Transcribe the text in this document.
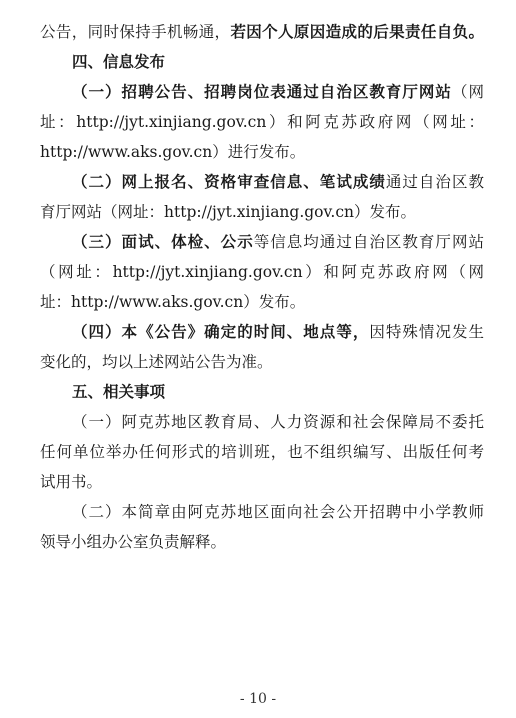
公告，同时保持手机畅通，若因个人原因造成的后果责任自负。
四、信息发布
（一）招聘公告、招聘岗位表通过自治区教育厅网站（网
址：http://jyt.xinjiang.gov.cn）和阿克苏政府网（网址：
http://www.aks.gov.cn）进行发布。
（二）网上报名、资格审查信息、笔试成绩通过自治区教
育厅网站（网址：http://jyt.xinjiang.gov.cn）发布。
（三）面试、体检、公示等信息均通过自治区教育厅网站
（网址：http://jyt.xinjiang.gov.cn）和阿克苏政府网（网
址：http://www.aks.gov.cn）发布。
（四）本《公告》确定的时间、地点等，因特殊情况发生
变化的，均以上述网站公告为准。
五、相关事项
（一）阿克苏地区教育局、人力资源和社会保障局不委托
任何单位举办任何形式的培训班，也不组织编写、出版任何考
试用书。
（二）本简章由阿克苏地区面向社会公开招聘中小学教师
领导小组办公室负责解释。
- 10 -
